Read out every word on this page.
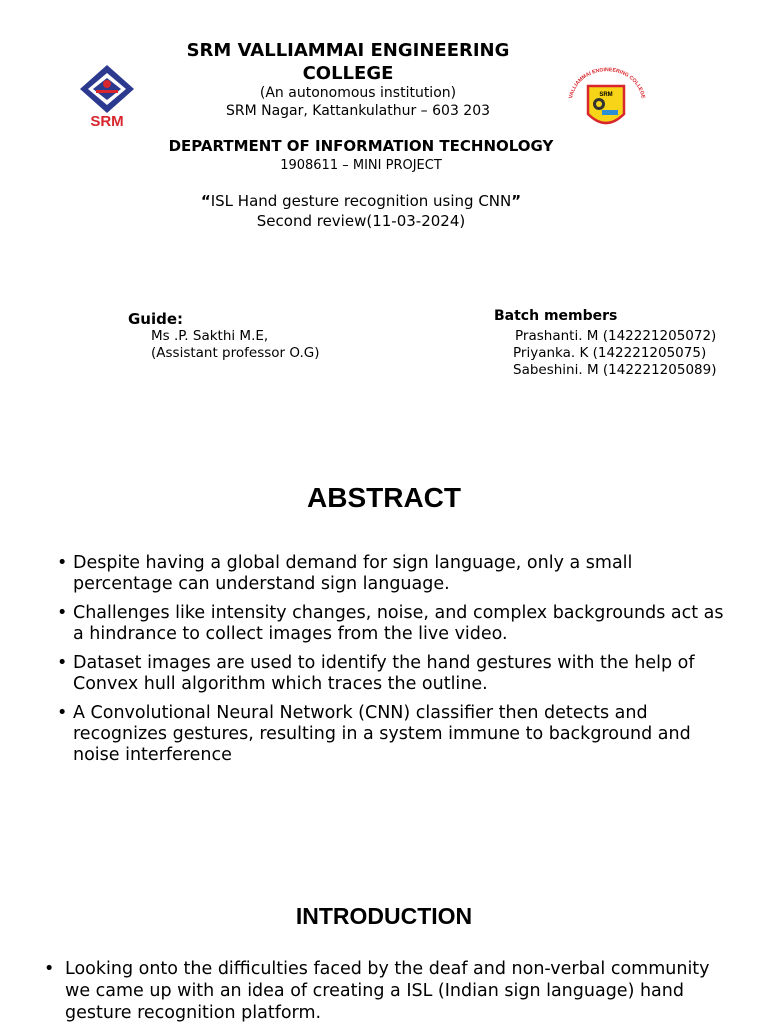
SRM
VALLIAMMAI ENGINEERING COLLEGE
SRM
SRM VALLIAMMAI ENGINEERING COLLEGE
(An autonomous institution)
SRM Nagar, Kattankulathur – 603 203
DEPARTMENT OF INFORMATION TECHNOLOGY
1908611 – MINI PROJECT
“ISL Hand gesture recognition using CNN”
Second review(11-03-2024)
Guide:
Ms .P. Sakthi M.E,
(Assistant professor O.G)
Batch members
Prashanti. M (142221205072)
Priyanka. K (142221205075)
Sabeshini. M (142221205089)
ABSTRACT
• Despite having a global demand for sign language, only a small percentage can understand sign language.
• Challenges like intensity changes, noise, and complex backgrounds act as a hindrance to collect images from the live video.
• Dataset images are used to identify the hand gestures with the help of Convex hull algorithm which traces the outline.
• A Convolutional Neural Network (CNN) classifier then detects and recognizes gestures, resulting in a system immune to background and noise interference
INTRODUCTION
• Looking onto the difficulties faced by the deaf and non-verbal community we came up with an idea of creating a ISL (Indian sign language) hand gesture recognition platform.
